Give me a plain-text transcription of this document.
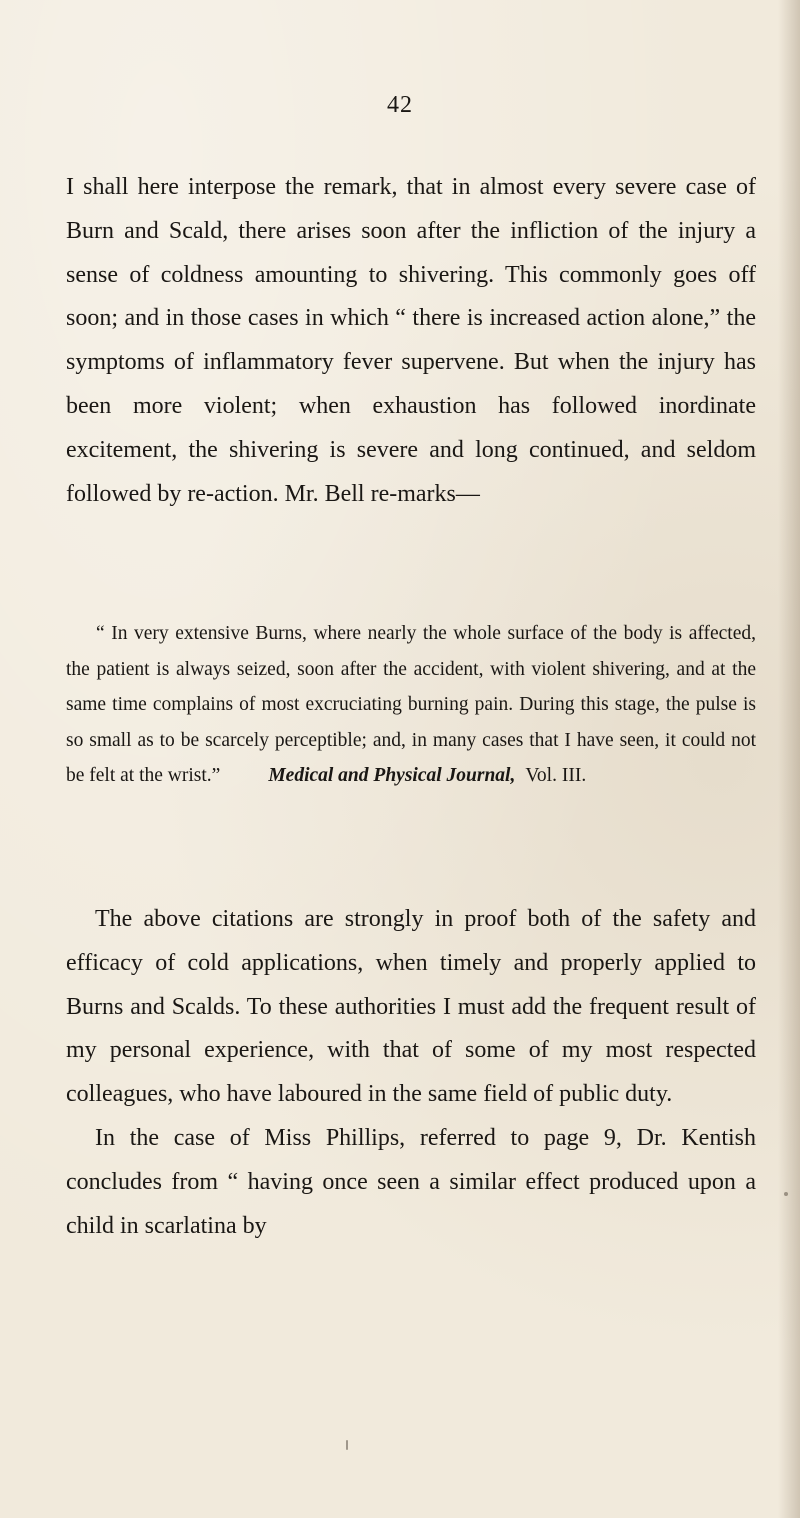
42

I shall here interpose the remark, that in almost every severe case of Burn and Scald, there arises soon after the infliction of the injury a sense of coldness amounting to shivering. This commonly goes off soon; and in those cases in which “ there is increased action alone,” the symptoms of inflammatory fever supervene. But when the injury has been more violent; when exhaustion has followed inordinate excitement, the shivering is severe and long continued, and seldom followed by re-action. Mr. Bell re-marks—

“ In very extensive Burns, where nearly the whole surface of the body is affected, the patient is always seized, soon after the accident, with violent shivering, and at the same time complains of most excruciating burning pain. During this stage, the pulse is so small as to be scarcely perceptible; and, in many cases that I have seen, it could not be felt at the wrist.” Medical and Physical Journal, Vol. III.

The above citations are strongly in proof both of the safety and efficacy of cold applications, when timely and properly applied to Burns and Scalds. To these authorities I must add the frequent result of my personal experience, with that of some of my most respected colleagues, who have laboured in the same field of public duty.

In the case of Miss Phillips, referred to page 9, Dr. Kentish concludes from “ having once seen a similar effect produced upon a child in scarlatina by
